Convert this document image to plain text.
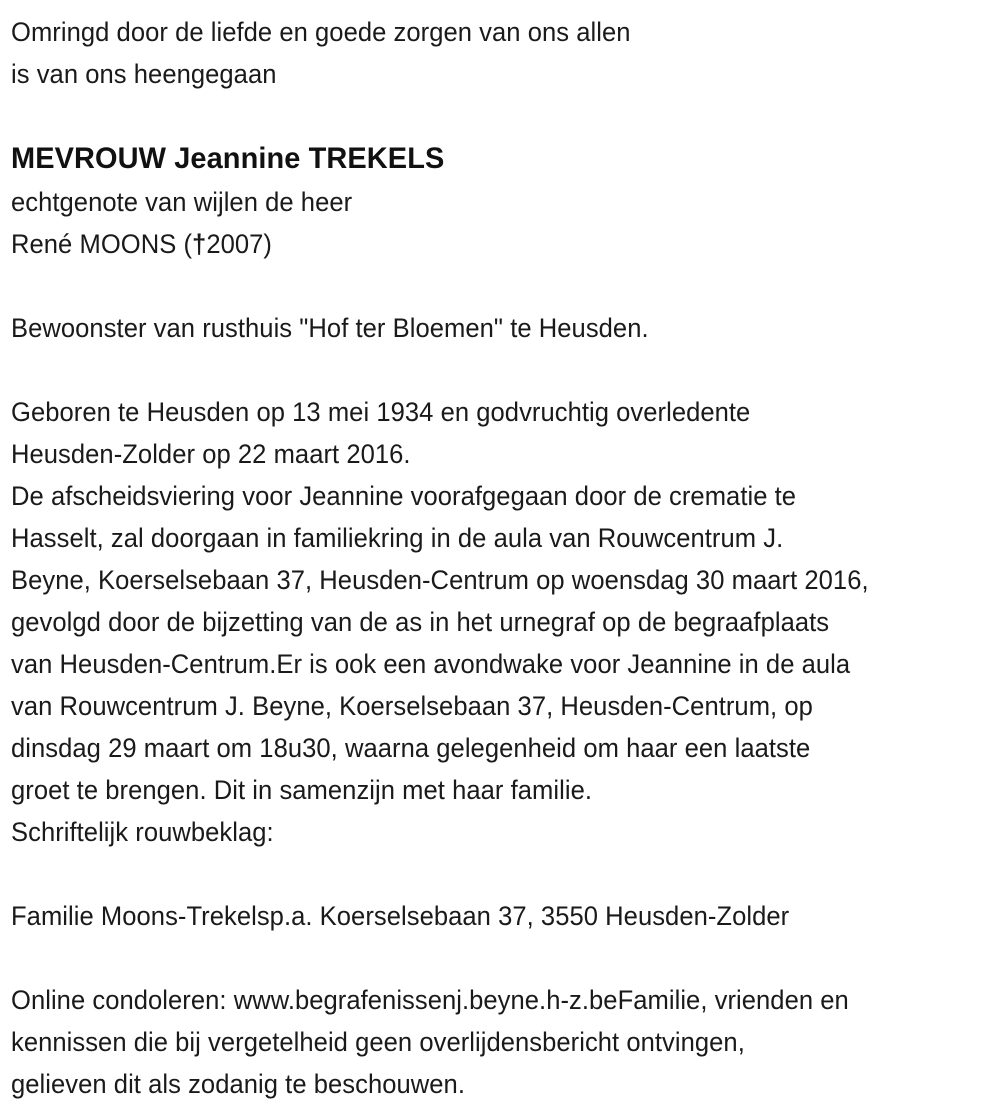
Omringd door de liefde en goede zorgen van ons allen
is van ons heengegaan
MEVROUW Jeannine TREKELS
echtgenote van wijlen de heer
René MOONS (†2007)
Bewoonster van rusthuis "Hof ter Bloemen" te Heusden.
Geboren te Heusden op 13 mei 1934 en godvruchtig overledente
Heusden-Zolder op 22 maart 2016.
De afscheidsviering voor Jeannine voorafgegaan door de crematie te
Hasselt, zal doorgaan in familiekring in de aula van Rouwcentrum J.
Beyne, Koerselsebaan 37, Heusden-Centrum op woensdag 30 maart 2016,
gevolgd door de bijzetting van de as in het urnegraf op de begraafplaats
van Heusden-Centrum.Er is ook een avondwake voor Jeannine in de aula
van Rouwcentrum J. Beyne, Koerselsebaan 37, Heusden-Centrum, op
dinsdag 29 maart om 18u30, waarna gelegenheid om haar een laatste
groet te brengen. Dit in samenzijn met haar familie.
Schriftelijk rouwbeklag:
Familie Moons-Trekelsp.a. Koerselsebaan 37, 3550 Heusden-Zolder
Online condoleren: www.begrafenissenj.beyne.h-z.beFamilie, vrienden en
kennissen die bij vergetelheid geen overlijdensbericht ontvingen,
gelieven dit als zodanig te beschouwen.
